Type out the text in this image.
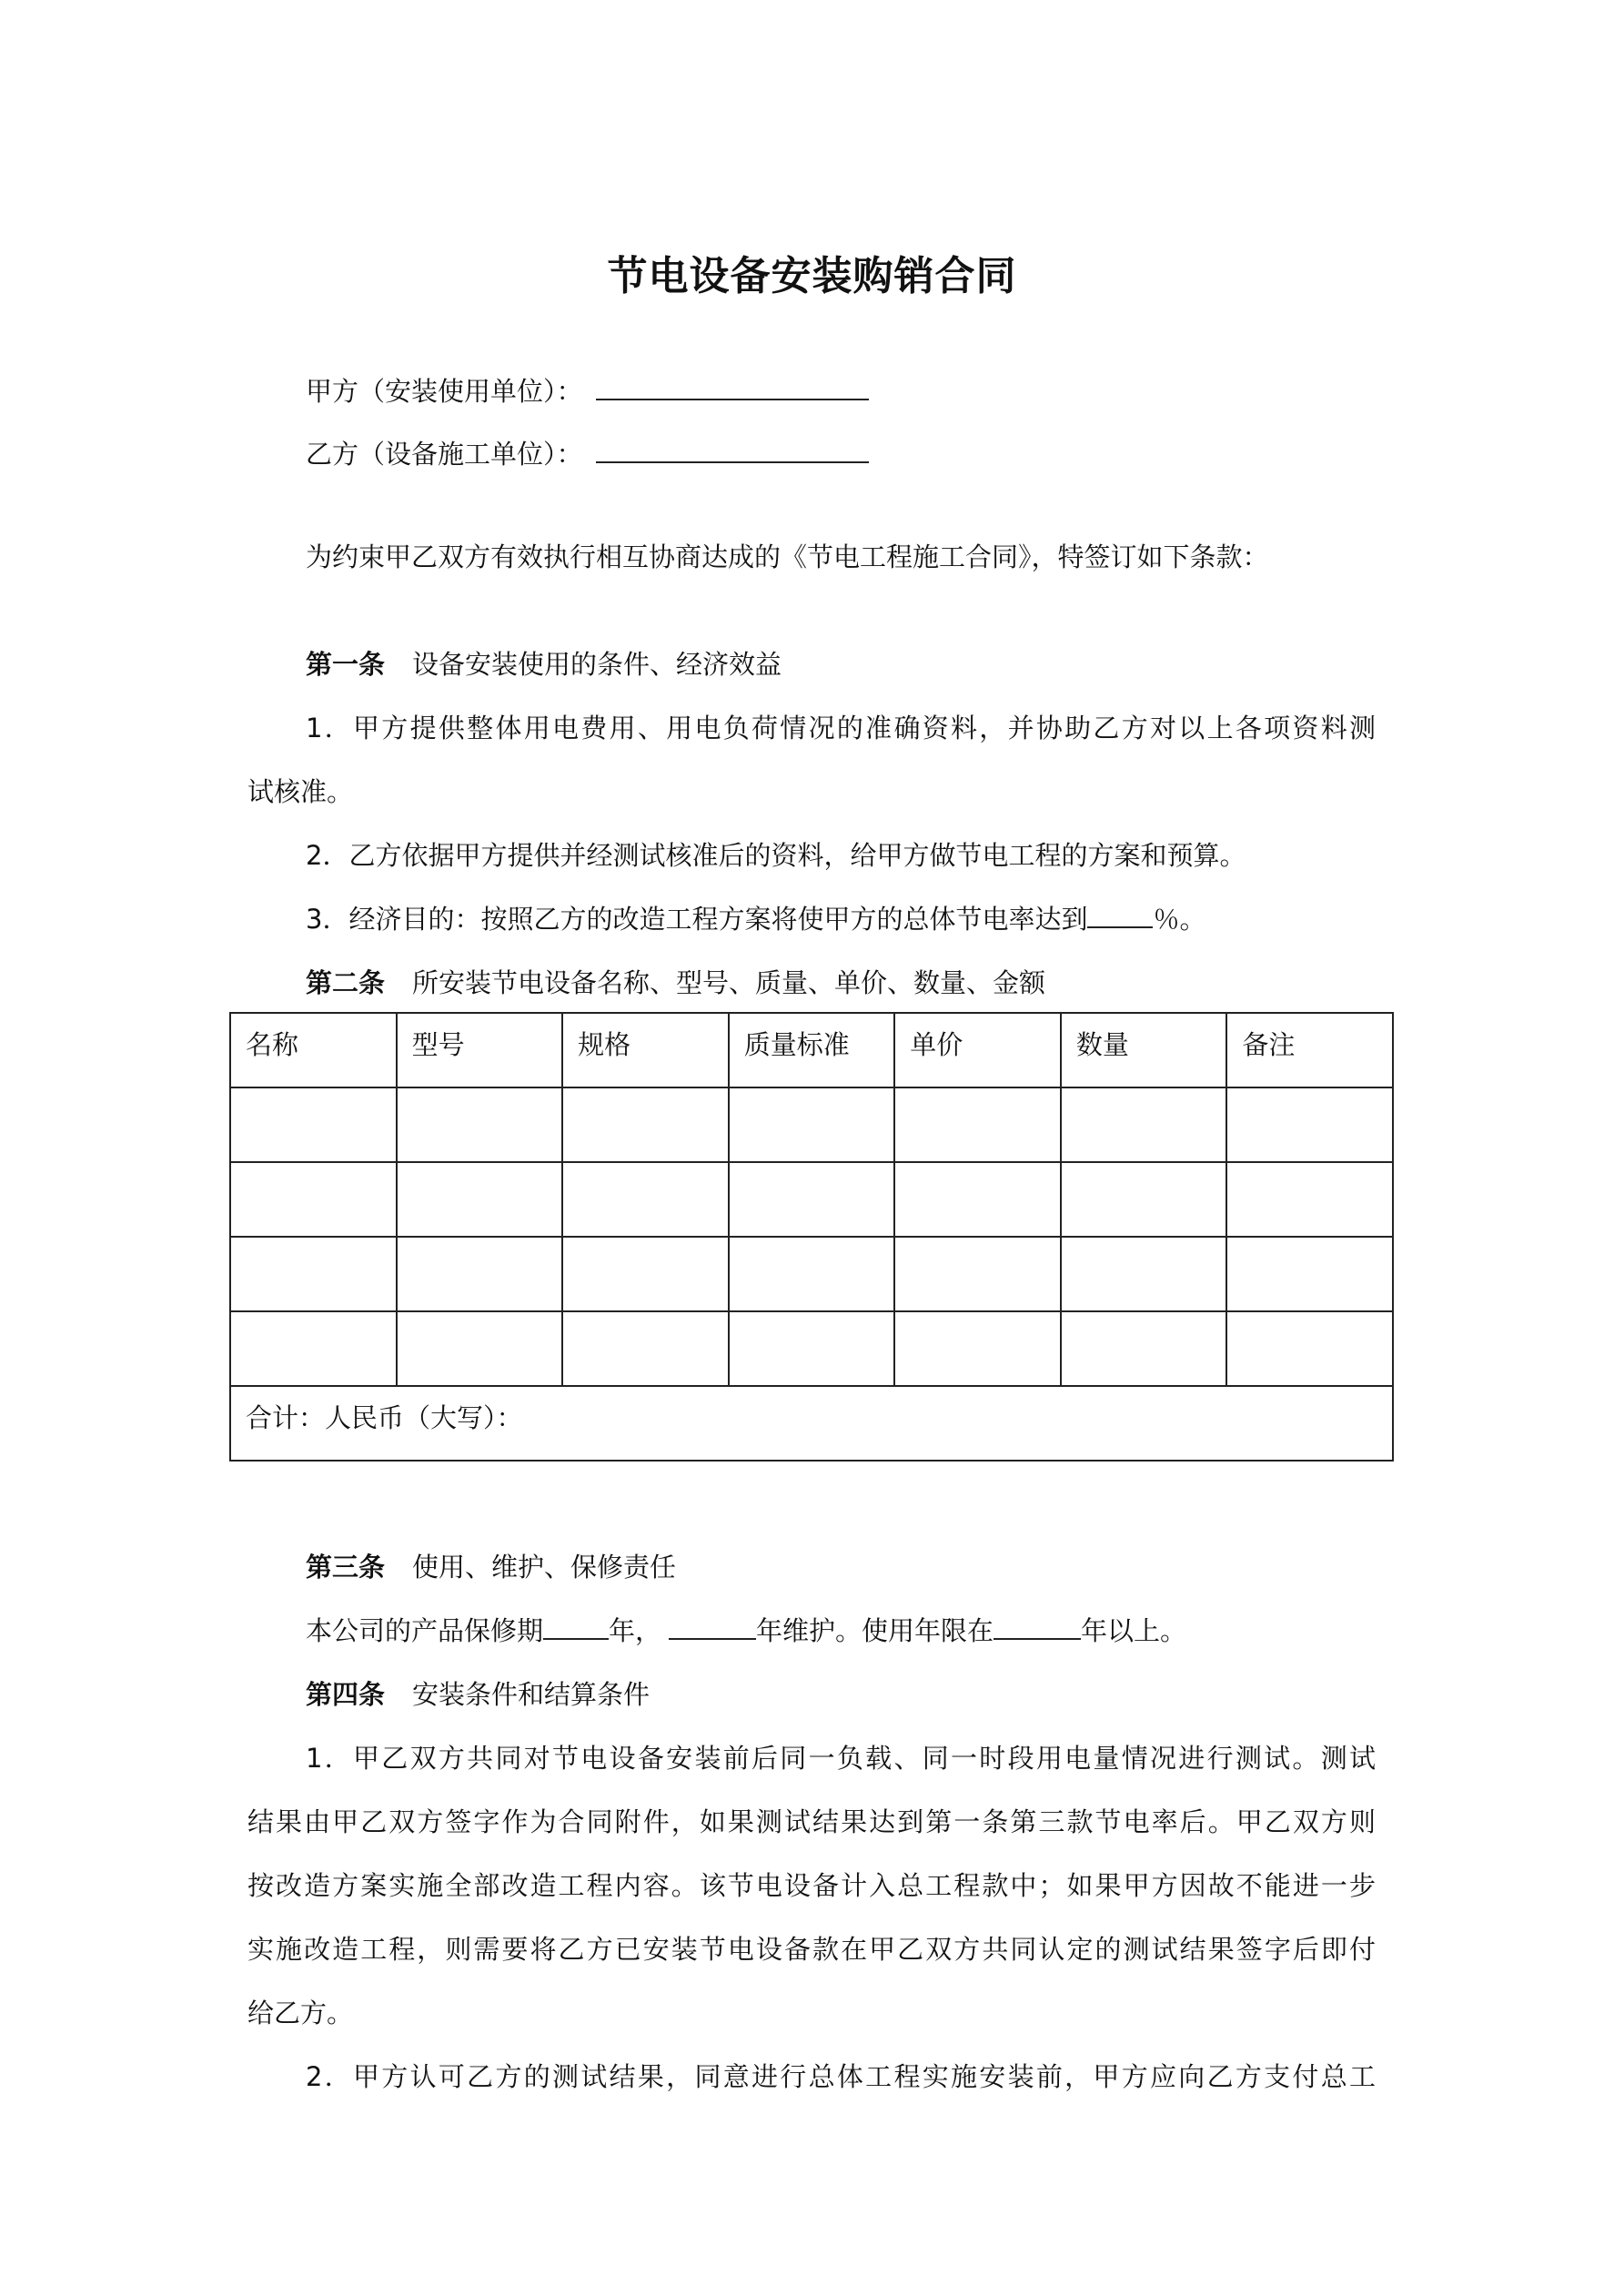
节电设备安装购销合同
甲方（安装使用单位）：
乙方（设备施工单位）：
为约束甲乙双方有效执行相互协商达成的《节电工程施工合同》，特签订如下条款：
第一条 设备安装使用的条件、经济效益
1．甲方提供整体用电费用、用电负荷情况的准确资料，并协助乙方对以上各项资料测
试核准。
2．乙方依据甲方提供并经测试核准后的资料，给甲方做节电工程的方案和预算。
3．经济目的：按照乙方的改造工程方案将使甲方的总体节电率达到 ％。
第二条 所安装节电设备名称、型号、质量、单价、数量、金额
名称	型号	规格	质量标准	单价	数量	备注

合计：人民币（大写）：						
第三条 使用、维护、保修责任
本公司的产品保修期 年，	年维护。使用年限在	年以上。
第四条 安装条件和结算条件
1．甲乙双方共同对节电设备安装前后同一负载、同一时段用电量情况进行测试。测试
结果由甲乙双方签字作为合同附件，如果测试结果达到第一条第三款节电率后。甲乙双方则
按改造方案实施全部改造工程内容。该节电设备计入总工程款中；如果甲方因故不能进一步
实施改造工程，则需要将乙方已安装节电设备款在甲乙双方共同认定的测试结果签字后即付
给乙方。
2．甲方认可乙方的测试结果，同意进行总体工程实施安装前，甲方应向乙方支付总工
